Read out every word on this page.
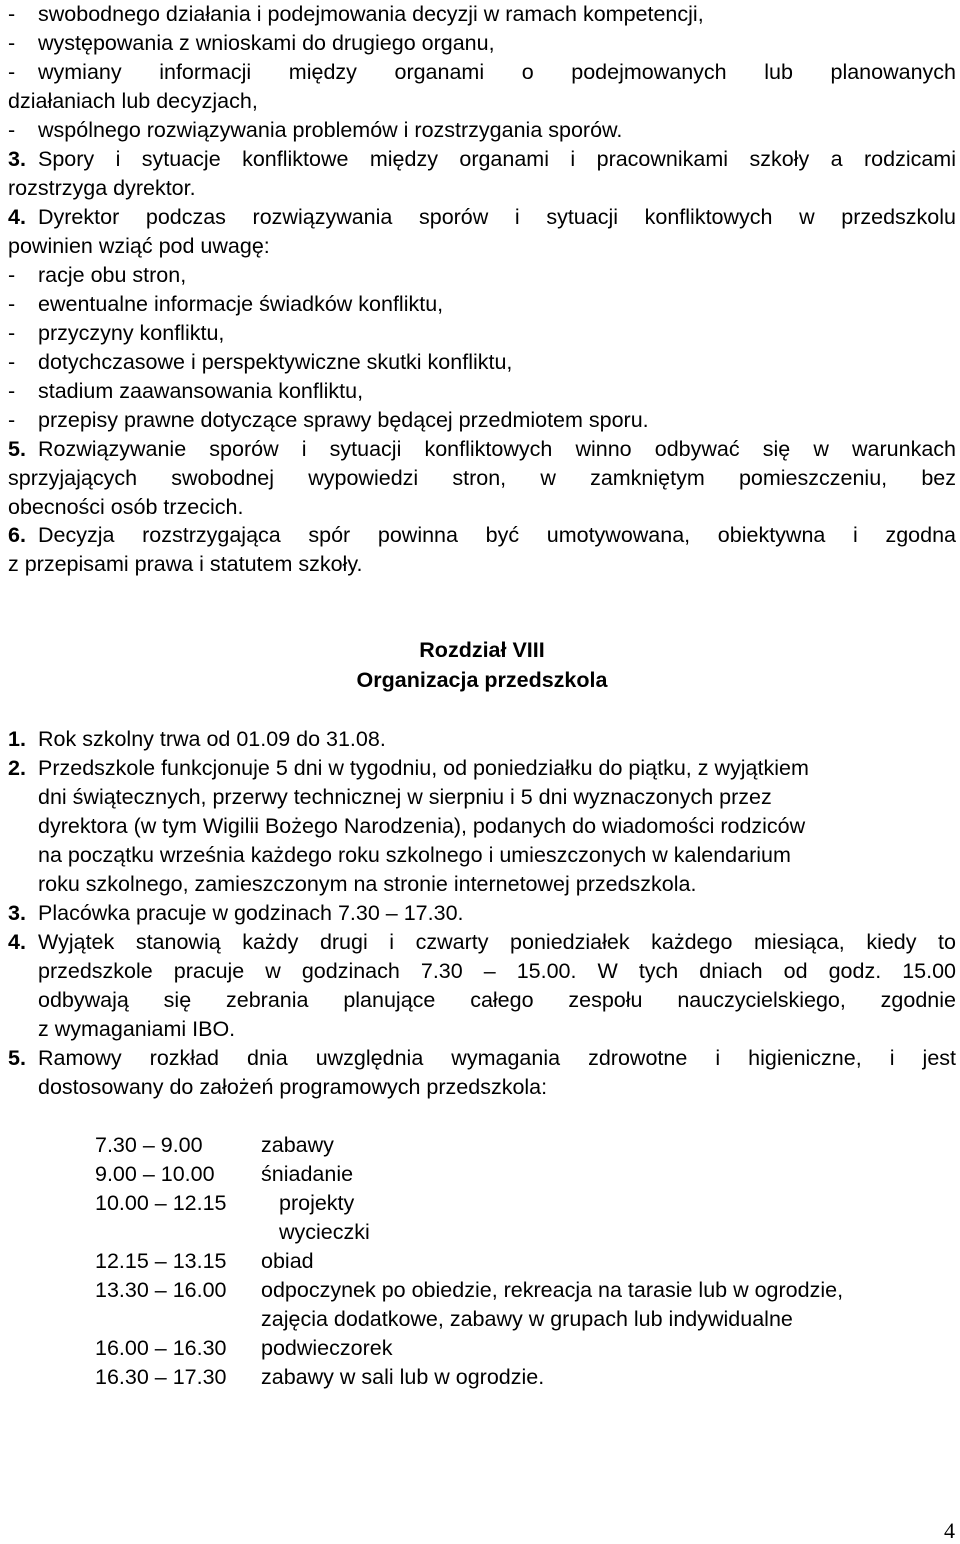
-	swobodnego działania i podejmowania decyzji w ramach kompetencji,
-	występowania z wnioskami do drugiego organu,
-	wymiany informacji między organami o podejmowanych lub planowanych
działaniach lub decyzjach,
-	wspólnego rozwiązywania problemów i rozstrzygania sporów.
3. Spory i sytuacje konfliktowe między organami i pracownikami szkoły a rodzicami
rozstrzyga dyrektor.
4. Dyrektor podczas rozwiązywania sporów i sytuacji konfliktowych w przedszkolu
powinien wziąć pod uwagę:
-	racje obu stron,
-	ewentualne informacje świadków konfliktu,
-	przyczyny konfliktu,
-	dotychczasowe i perspektywiczne skutki konfliktu,
-	stadium zaawansowania konfliktu,
-	przepisy prawne dotyczące sprawy będącej przedmiotem sporu.
5. Rozwiązywanie sporów i sytuacji konfliktowych winno odbywać się w warunkach
sprzyjających swobodnej wypowiedzi stron, w zamkniętym pomieszczeniu, bez
obecności osób trzecich.
6. Decyzja rozstrzygająca spór powinna być umotywowana, obiektywna i zgodna
z przepisami prawa i statutem szkoły.
Rozdział VIII
Organizacja przedszkola
1. Rok szkolny trwa od 01.09 do 31.08.
2. Przedszkole funkcjonuje 5 dni w tygodniu, od poniedziałku do piątku, z wyjątkiem
dni świątecznych, przerwy technicznej w sierpniu i 5 dni wyznaczonych przez
dyrektora (w tym Wigilii Bożego Narodzenia), podanych do wiadomości rodziców
na początku września każdego roku szkolnego i umieszczonych w kalendarium
roku szkolnego, zamieszczonym na stronie internetowej przedszkola.
3. Placówka pracuje w godzinach 7.30 – 17.30.
4. Wyjątek stanowią każdy drugi i czwarty poniedziałek każdego miesiąca, kiedy to
przedszkole pracuje w godzinach 7.30 – 15.00. W tych dniach od godz. 15.00
odbywają się zebrania planujące całego zespołu nauczycielskiego, zgodnie
z wymaganiami IBO.
5. Ramowy rozkład dnia uwzględnia wymagania zdrowotne i higieniczne, i jest
dostosowany do założeń programowych przedszkola:
7.30 – 9.00	zabawy
9.00 – 10.00 śniadanie
10.00 – 12.15 projekty
wycieczki
12.15 – 13.15 obiad
13.30 – 16.00 odpoczynek po obiedzie, rekreacja na tarasie lub w ogrodzie,
zajęcia dodatkowe, zabawy w grupach lub indywidualne
16.00 – 16.30 podwieczorek
16.30 – 17.30 zabawy w sali lub w ogrodzie.
4
